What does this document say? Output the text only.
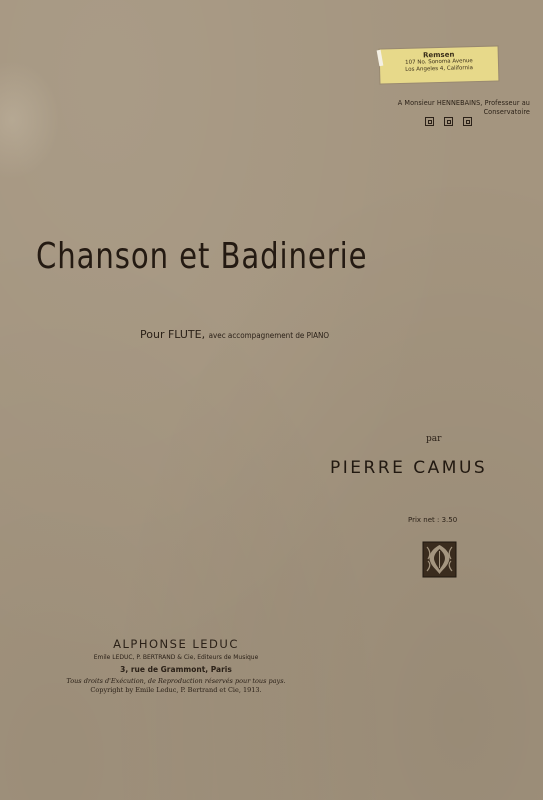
Remsen
107 No. Sonoma Avenue
Los Angeles 4, California
A Monsieur HENNEBAINS, Professeur au Conservatoire
Chanson et Badinerie
Pour FLUTE, avec accompagnement de PIANO
par
PIERRE CAMUS
Prix net : 3.50
ALPHONSE LEDUC
Emile LEDUC, P. BERTRAND & Cie, Editeurs de Musique
3, rue de Grammont, Paris
Tous droits d'Exécution, de Reproduction réservés pour tous pays.
Copyright by Emile Leduc, P. Bertrand et Cie, 1913.
